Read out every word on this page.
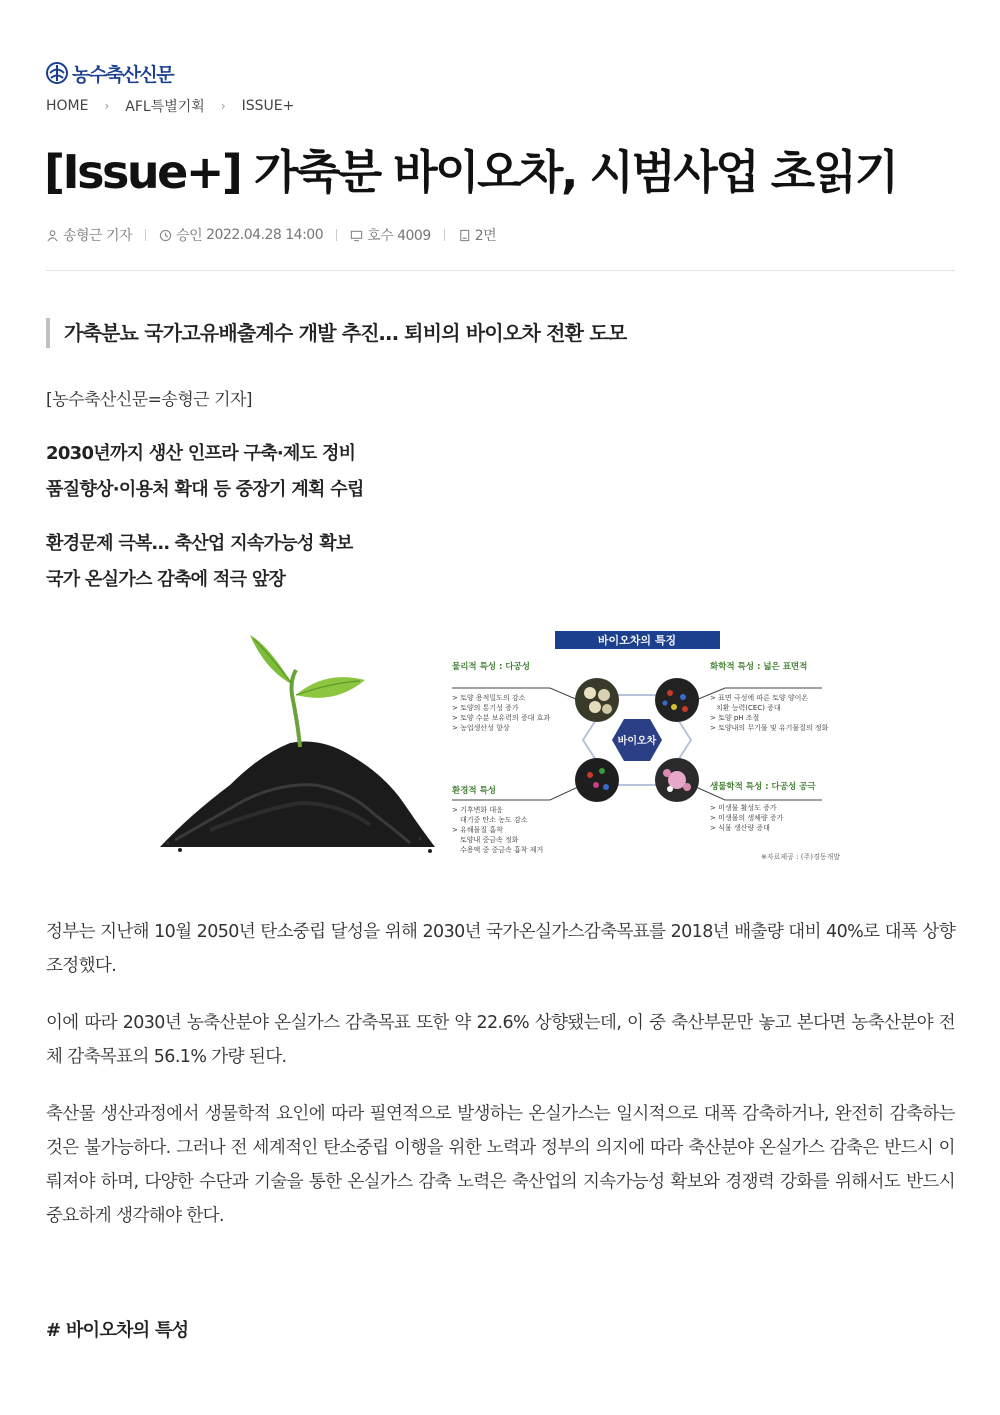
농수축산신문
HOME › AFL특별기획 › ISSUE+
[Issue+] 가축분 바이오차, 시범사업 초읽기
송형근 기자	승인 2022.04.28 14:00	호수 4009	2면
가축분뇨 국가고유배출계수 개발 추진… 퇴비의 바이오차 전환 도모
[농수축산신문=송형근 기자]
2030년까지 생산 인프라 구축·제도 정비
품질향상·이용처 확대 등 중장기 계획 수립
환경문제 극복… 축산업 지속가능성 확보
국가 온실가스 감축에 적극 앞장
바이오차의 특징
바이오차
물리적 특성 : 다공성
> 토양 용적밀도의 감소
> 토양의 통기성 증가
> 토양 수분 보유력의 증대 효과
> 농업생산성 향상
화학적 특성 : 넓은 표면적
> 표면 극성에 따른 토양 양이온
치환 능력(CEC) 증대
> 토양 pH 조절
> 토양내의 무기물 및 유기물질의 정화
환경적 특성
> 기후변화 대응
대기중 탄소 농도 감소
> 유해물질 흡착
토양내 중금속 정화
수용액 중 중금속 흡착 제거
생물학적 특성 : 다공성 공극
> 미생물 활성도 증가
> 미생물의 생체량 증가
> 식물 생산량 증대
※자료제공 : (주)경동개발

정부는 지난해 10월 2050년 탄소중립 달성을 위해 2030년 국가온실가스감축목표를 2018년 배출량 대비 40%로 대폭 상향 조정했다.

이에 따라 2030년 농축산분야 온실가스 감축목표 또한 약 22.6% 상향됐는데, 이 중 축산부문만 놓고 본다면 농축산분야 전체 감축목표의 56.1% 가량 된다.

축산물 생산과정에서 생물학적 요인에 따라 필연적으로 발생하는 온실가스는 일시적으로 대폭 감축하거나, 완전히 감축하는 것은 불가능하다. 그러나 전 세계적인 탄소중립 이행을 위한 노력과 정부의 의지에 따라 축산분야 온실가스 감축은 반드시 이뤄져야 하며, 다양한 수단과 기술을 통한 온실가스 감축 노력은 축산업의 지속가능성 확보와 경쟁력 강화를 위해서도 반드시 중요하게 생각해야 한다.

# 바이오차의 특성
